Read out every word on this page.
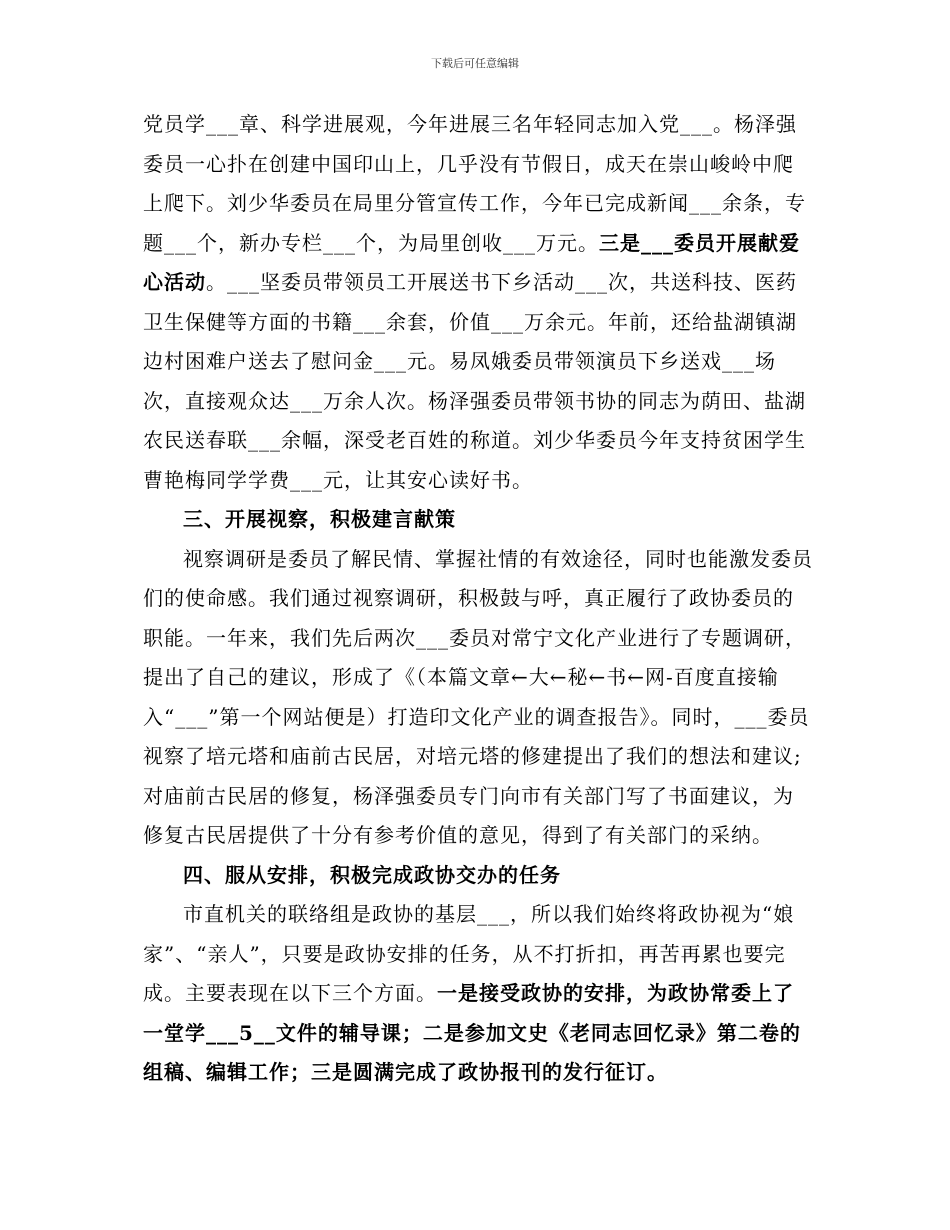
下载后可任意编辑

党员学___章、科学进展观，今年进展三名年轻同志加入党___。杨泽强委员一心扑在创建中国印山上，几乎没有节假日，成天在崇山峻岭中爬上爬下。刘少华委员在局里分管宣传工作，今年已完成新闻___余条，专题___个，新办专栏___个，为局里创收___万元。三是___委员开展献爱心活动。___坚委员带领员工开展送书下乡活动___次，共送科技、医药卫生保健等方面的书籍___余套，价值___万余元。年前，还给盐湖镇湖边村困难户送去了慰问金___元。易凤娥委员带领演员下乡送戏___场次，直接观众达___万余人次。杨泽强委员带领书协的同志为荫田、盐湖农民送春联___余幅，深受老百姓的称道。刘少华委员今年支持贫困学生曹艳梅同学学费___元，让其安心读好书。

三、开展视察，积极建言献策

视察调研是委员了解民情、掌握社情的有效途径，同时也能激发委员们的使命感。我们通过视察调研，积极鼓与呼，真正履行了政协委员的职能。一年来，我们先后两次___委员对常宁文化产业进行了专题调研，提出了自己的建议，形成了《（本篇文章←大←秘←书←网-百度直接输入“___”第一个网站便是）打造印文化产业的调查报告》。同时，___委员视察了培元塔和庙前古民居，对培元塔的修建提出了我们的想法和建议;对庙前古民居的修复，杨泽强委员专门向市有关部门写了书面建议，为修复古民居提供了十分有参考价值的意见，得到了有关部门的采纳。

四、服从安排，积极完成政协交办的任务

市直机关的联络组是政协的基层___，所以我们始终将政协视为“娘家”、“亲人”，只要是政协安排的任务，从不打折扣，再苦再累也要完成。主要表现在以下三个方面。一是接受政协的安排，为政协常委上了一堂学___5__文件的辅导课；二是参加文史《老同志回忆录》第二卷的组稿、编辑工作；三是圆满完成了政协报刊的发行征订。
